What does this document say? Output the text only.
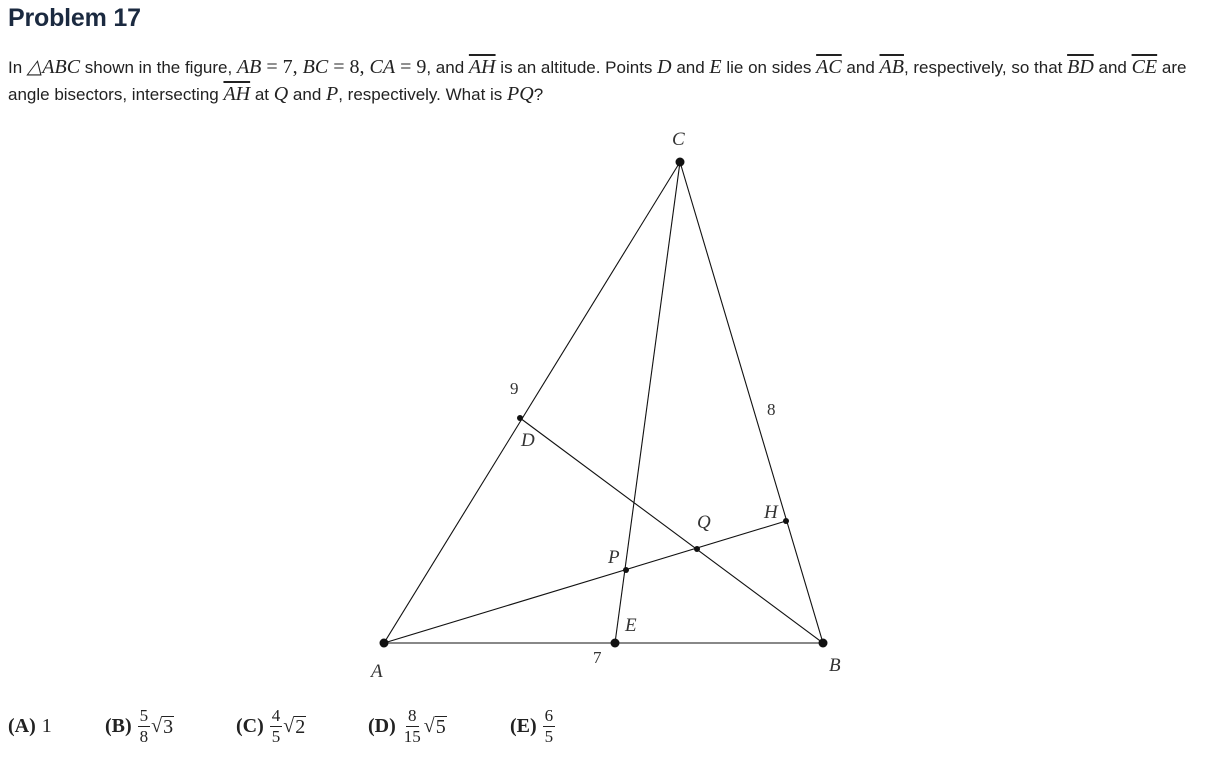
Problem 17

In △ABC shown in the figure, AB = 7, BC = 8, CA = 9, and $\overline{AH}$ is an altitude. Points D and E lie on sides $\overline{AC}$ and $\overline{AB}$, respectively, so that $\overline{BD}$ and $\overline{CE}$ are angle bisectors, intersecting $\overline{AH}$ at Q and P, respectively. What is PQ?

A	B
C
D
E
H
P
Q
7
9
8
(A) 1	$(B) \frac{5}{8}$ √ 3	$(C) \frac{4}{5}$ √ 2	$(D) \frac{8}{15}$ √ 5	$(E) \frac{6}{5}$
